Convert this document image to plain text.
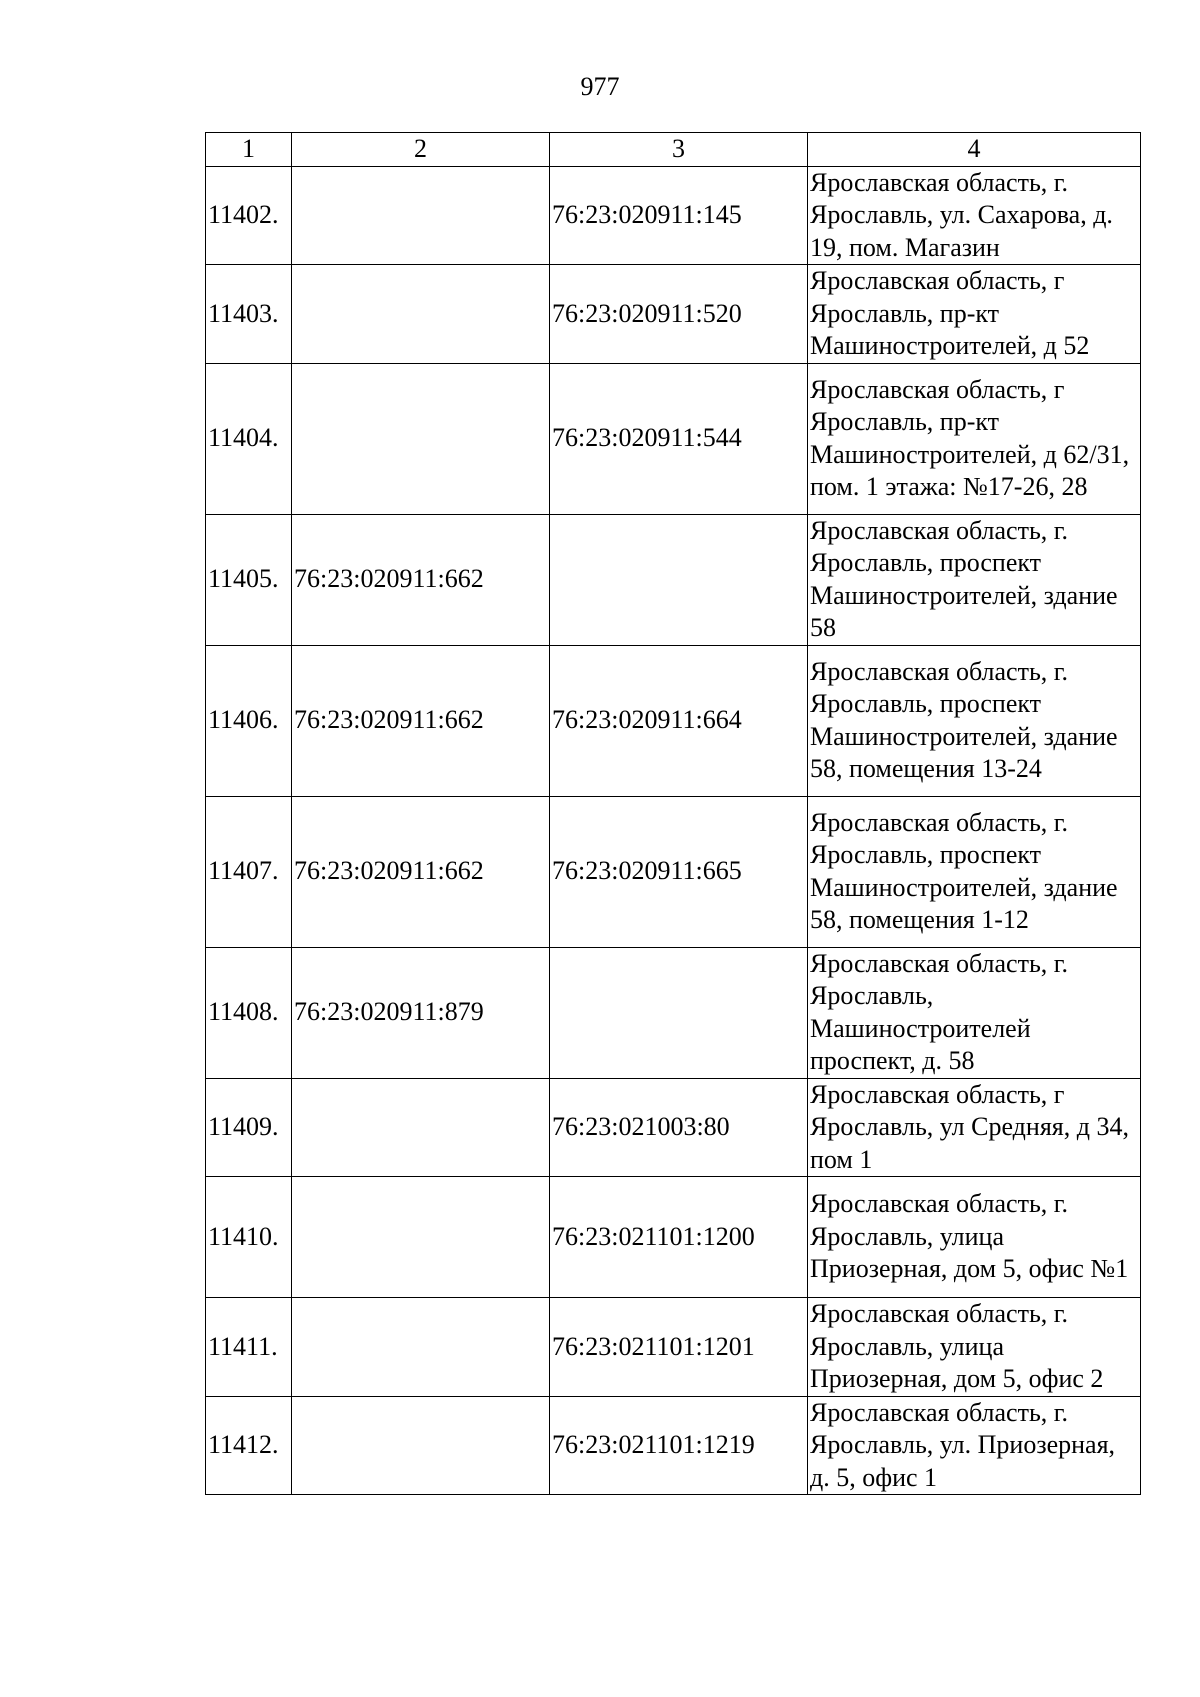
977
1	2	3	4
11402.		76:23:020911:145	Ярославская область, г. Ярославль, ул. Сахарова, д. 19, пом. Магазин
11403.		76:23:020911:520	Ярославская область, г Ярославль, пр-кт Машиностроителей, д 52
11404.		76:23:020911:544	Ярославская область, г Ярославль, пр-кт Машиностроителей, д 62/31, пом. 1 этажа: №17-26, 28
11405.	76:23:020911:662		Ярославская область, г. Ярославль, проспект Машиностроителей, здание 58
11406.	76:23:020911:662	76:23:020911:664	Ярославская область, г. Ярославль, проспект Машиностроителей, здание 58, помещения 13-24
11407.	76:23:020911:662	76:23:020911:665	Ярославская область, г. Ярославль, проспект Машиностроителей, здание 58, помещения 1-12
11408.	76:23:020911:879		Ярославская область, г. Ярославль, Машиностроителей проспект, д. 58
11409.		76:23:021003:80	Ярославская область, г Ярославль, ул Средняя, д 34, пом 1
11410.		76:23:021101:1200	Ярославская область, г. Ярославль, улица Приозерная, дом 5, офис №1
11411.		76:23:021101:1201	Ярославская область, г. Ярославль, улица Приозерная, дом 5, офис 2
11412.		76:23:021101:1219	Ярославская область, г. Ярославль, ул. Приозерная, д. 5, офис 1
